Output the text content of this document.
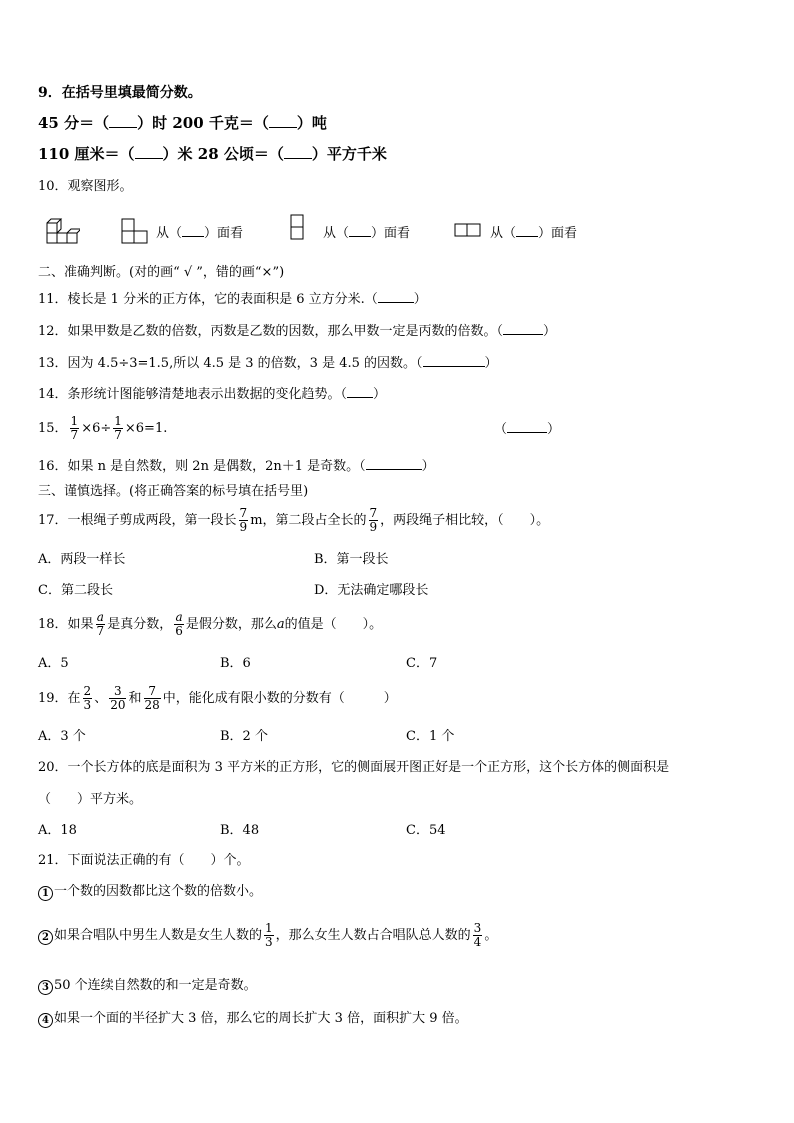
9．在括号里填最简分数。
45 分＝（ ）时 200 千克＝（ ）吨
110 厘米＝（ ）米 28 公顷＝（ ）平方千米
10．观察图形。
从（ ）面看	从（ ）面看	从（ ）面看
二、准确判断。(对的画“ √ ”，错的画“×”)
11．棱长是 1 分米的正方体，它的表面积是 6 立方分米.（	）
12．如果甲数是乙数的倍数，丙数是乙数的因数，那么甲数一定是丙数的倍数。（	）
13．因为 4.5÷3=1.5,所以 4.5 是 3 的倍数，3 是 4.5 的因数。（	）
14．条形统计图能够清楚地表示出数据的变化趋势。（ ）
15． $\frac{1}{7} \times 6\div \frac{1}{7} \times 6=1$.	（	）
16．如果 n 是自然数，则 2n 是偶数，2n＋1 是奇数。（	）
三、谨慎选择。(将正确答案的标号填在括号里)
17．一根绳子剪成两段，第一段长 $\frac{7}{9}$ m，第二段占全长的 $\frac{7}{9}$ ，两段绳子相比较，（　　）。
A．两段一样长	B．第一段长
C．第二段长	D．无法确定哪段长
18．如果 $\frac{a}{7}$ 是真分数， $\frac{a}{6}$ 是假分数，那么a的值是（　　）。
A．5	B．6	C．7
19．在 $\frac{2}{3}$ 、 $\frac{3}{20}$ 和 $\frac{7}{28}$ 中，能化成有限小数的分数有（　　　）
A．3 个	B．2 个	C．1 个
20．一个长方体的底是面积为 3 平方米的正方形，它的侧面展开图正好是一个正方形，这个长方体的侧面积是
（　　）平方米。
A．18	B．48	C．54
21．下面说法正确的有（　　）个。
1 一个数的因数都比这个数的倍数小。
2 如果合唱队中男生人数是女生人数的 $\frac{1}{3}$ ，那么女生人数占合唱队总人数的 $\frac{3}{4}$ 。
3 50 个连续自然数的和一定是奇数。
4 如果一个面的半径扩大 3 倍，那么它的周长扩大 3 倍，面积扩大 9 倍。
